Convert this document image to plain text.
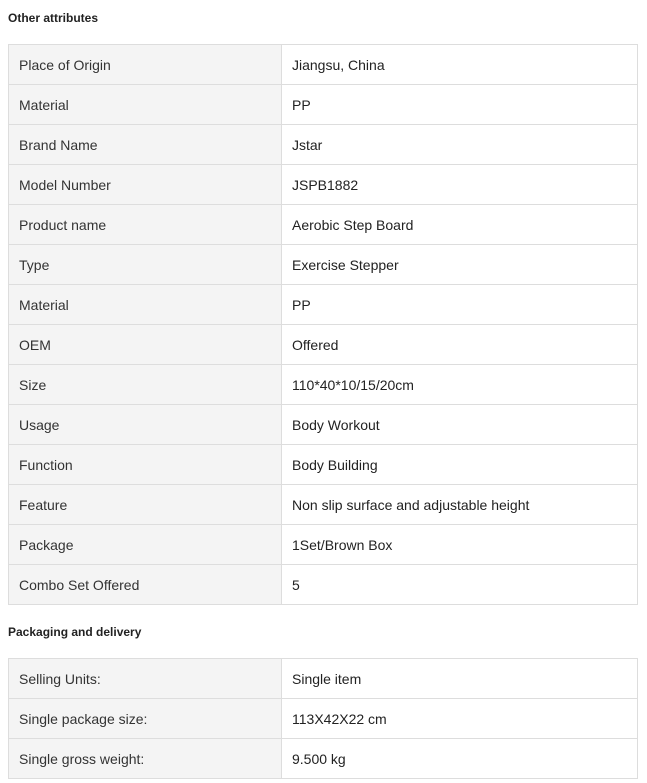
Other attributes
Place of Origin	Jiangsu, China
Material	PP
Brand Name	Jstar
Model Number	JSPB1882
Product name	Aerobic Step Board
Type	Exercise Stepper
Material	PP
OEM	Offered
Size	110*40*10/15/20cm
Usage	Body Workout
Function	Body Building
Feature	Non slip surface and adjustable height
Package	1Set/Brown Box
Combo Set Offered	5
Packaging and delivery
Selling Units:	Single item
Single package size:	113X42X22 cm
Single gross weight:	9.500 kg
